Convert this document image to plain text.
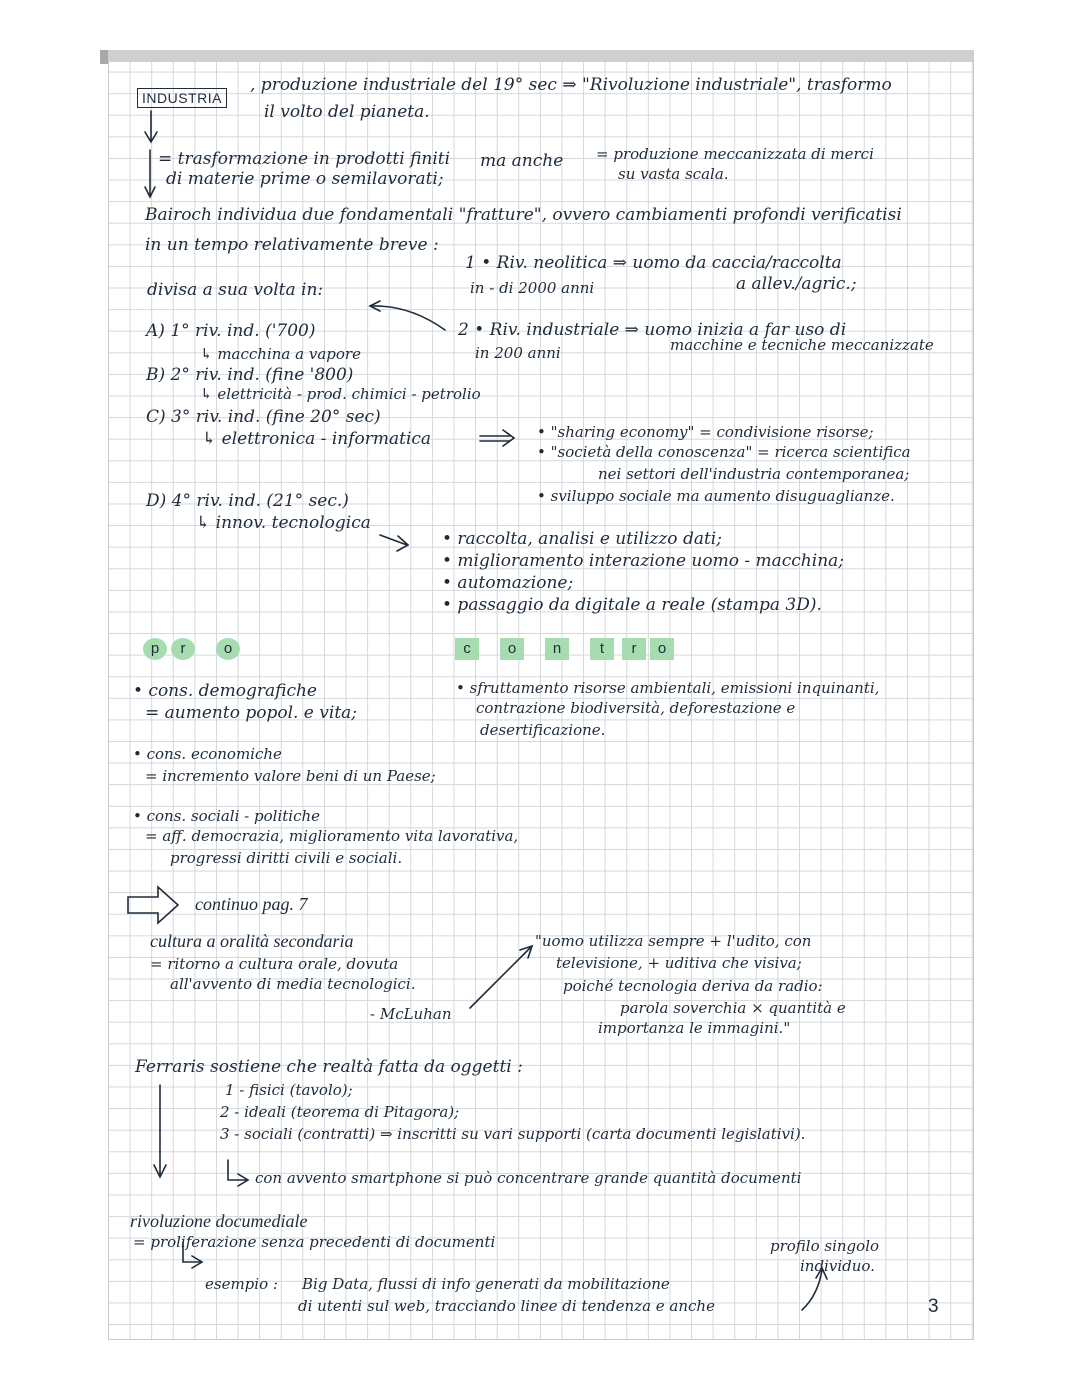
INDUSTRIA
, produzione industriale del 19° sec ⇒ "Rivoluzione industriale", trasformo
il volto del pianeta.
= trasformazione in prodotti finiti
di materie prime o semilavorati;
ma anche = produzione meccanizzata di merci
su vasta scala.
Bairoch individua due fondamentali "fratture", ovvero cambiamenti profondi verificatisi
in un tempo relativamente breve :
1 • Riv. neolitica ⇒ uomo da caccia/raccolta
in - di 2000 anni	a allev./agric.;
divisa a sua volta in:
2 • Riv. industriale ⇒ uomo inizia a far uso di
in 200 anni	macchine e tecniche meccanizzate
A) 1° riv. ind. ('700)
↳ macchina a vapore
B) 2° riv. ind. (fine '800)
↳ elettricità - prod. chimici - petrolio
C) 3° riv. ind. (fine 20° sec)
↳ elettronica - informatica
D) 4° riv. ind. (21° sec.)
↳ innov. tecnologica
• "sharing economy" = condivisione risorse;
• "società della conoscenza" = ricerca scientifica
nei settori dell'industria contemporanea;
• sviluppo sociale ma aumento disuguaglianze.
• raccolta, analisi e utilizzo dati;
• miglioramento interazione uomo - macchina;
• automazione;
• passaggio da digitale a reale (stampa 3D).
p	r	o	c	o	n	t	r	o
• cons. demografiche
= aumento popol. e vita;
• cons. economiche
= incremento valore beni di un Paese;
• cons. sociali - politiche
= aff. democrazia, miglioramento vita lavorativa,
progressi diritti civili e sociali.
• sfruttamento risorse ambientali, emissioni inquinanti,
contrazione biodiversità, deforestazione e
desertificazione.
continuo pag. 7
cultura a oralità secondaria
= ritorno a cultura orale, dovuta
all'avvento di media tecnologici.
- McLuhan
"uomo utilizza sempre + l'udito, con
televisione, + uditiva che visiva;
poiché tecnologia deriva da radio:
parola soverchia × quantità e
importanza le immagini."
Ferraris sostiene che realtà fatta da oggetti :
1 - fisici (tavolo);
2 - ideali (teorema di Pitagora);
3 - sociali (contratti) ⇒ inscritti su vari supporti (carta documenti legislativi).
con avvento smartphone si può concentrare grande quantità documenti
rivoluzione documediale
= proliferazione senza precedenti di documenti
esempio : Big Data, flussi di info generati da mobilitazione
di utenti sul web, tracciando linee di tendenza e anche
profilo singolo
individuo.
3
